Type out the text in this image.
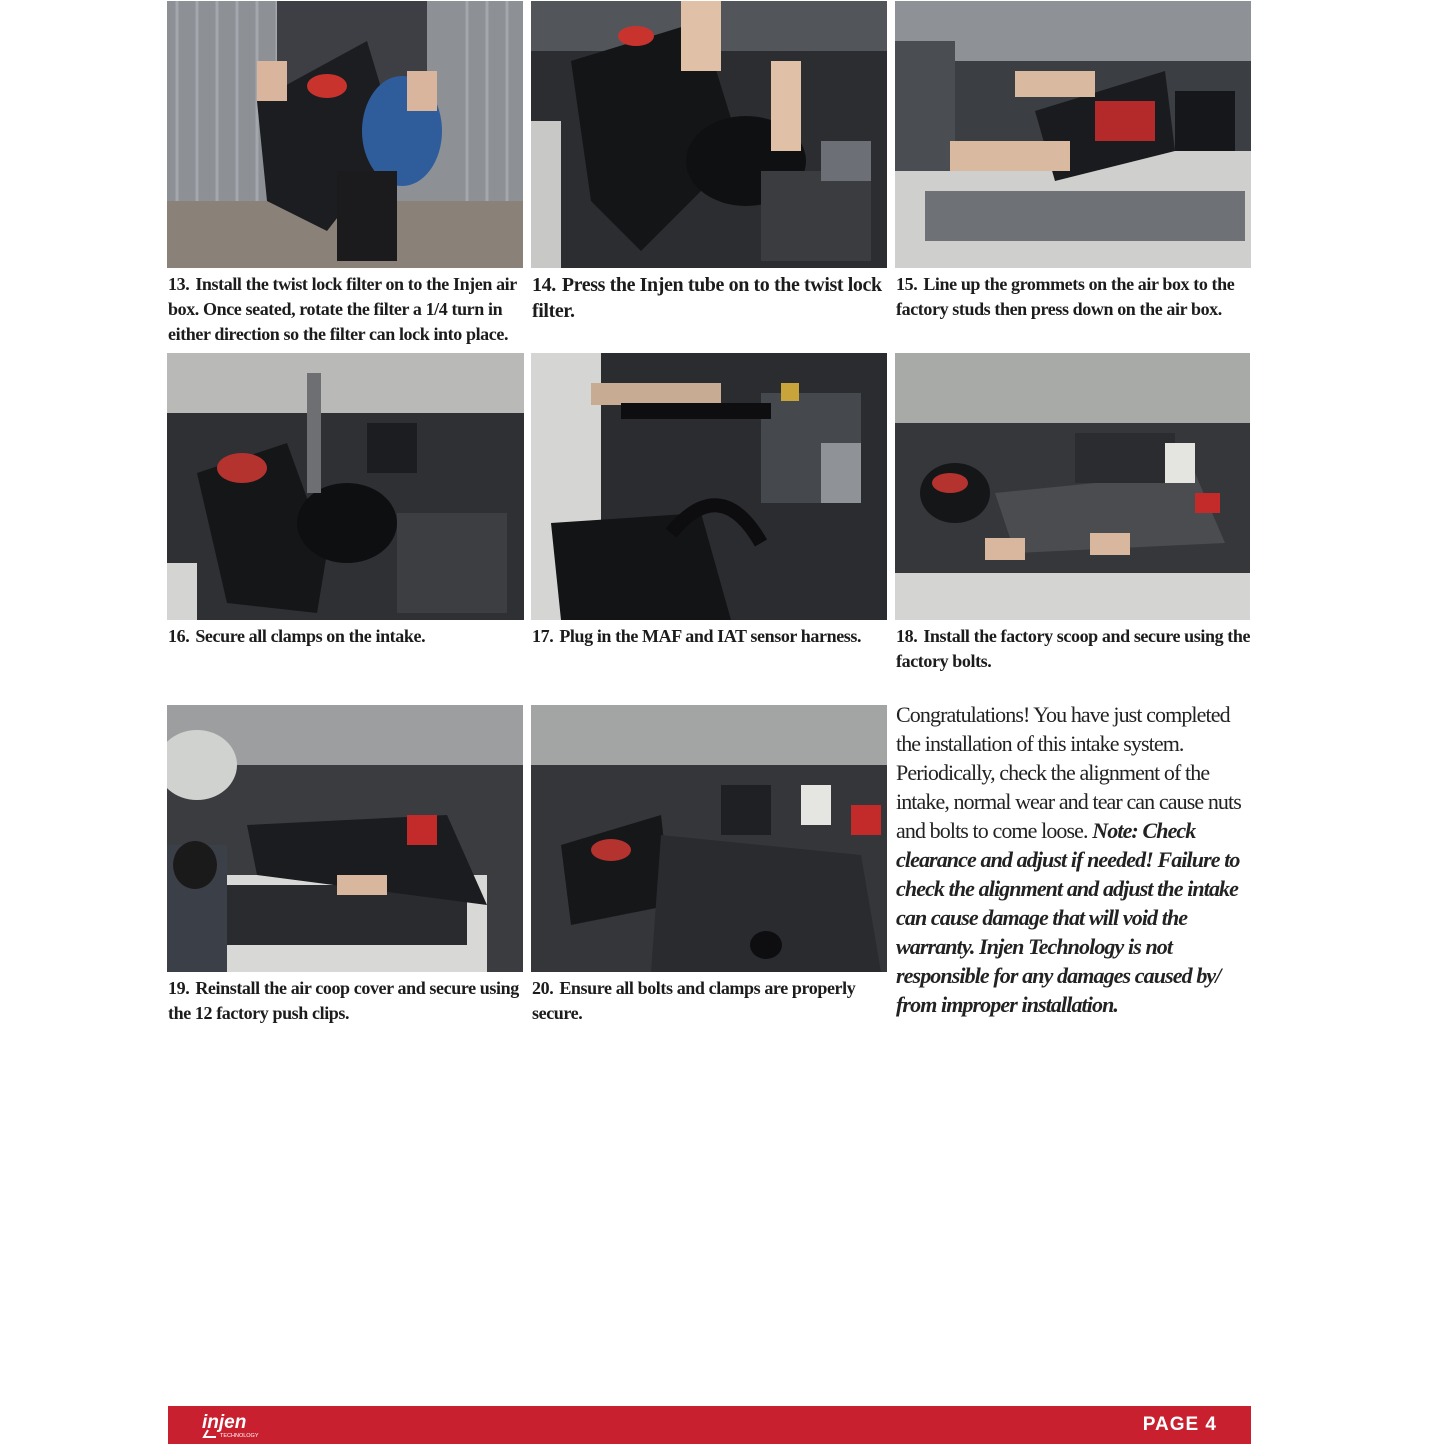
13. Install the twist lock filter on to the Injen air box. Once seated, rotate the filter a 1/4 turn in either direction so the filter can lock into place.
14. Press the Injen tube on to the twist lock filter.
15. Line up the grommets on the air box to the factory studs then press down on the air box.
16. Secure all clamps on the intake.	17. Plug in the MAF and IAT sensor harness.	18. Install the factory scoop and secure using the factory bolts.
19. Reinstall the air coop cover and secure using the 12 factory push clips.
20. Ensure all bolts and clamps are properly secure.
Congratulations! You have just completed the installation of this intake system. Periodically, check the alignment of the intake, normal wear and tear can cause nuts and bolts to come loose. Note: Check clearance and adjust if needed! Failure to check the alignment and adjust the intake can cause damage that will void the warranty. Injen Technology is not responsible for any damages caused by/ from improper installation.
injen
TECHNOLOGY
PAGE 4
